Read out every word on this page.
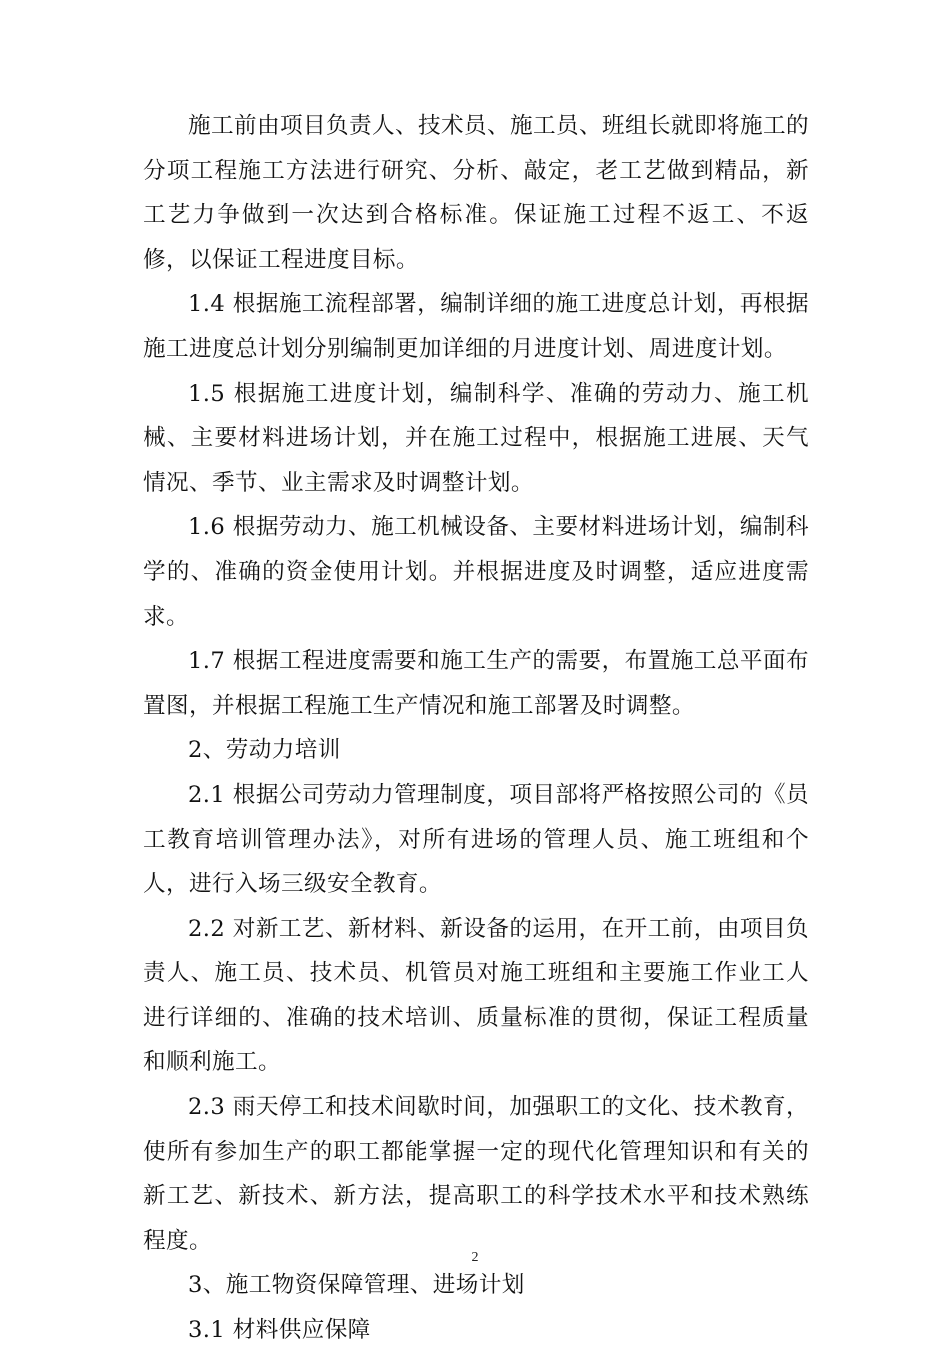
施工前由项目负责人、技术员、施工员、班组长就即将施工的分项工程施工方法进行研究、分析、敲定，老工艺做到精品，新工艺力争做到一次达到合格标准。保证施工过程不返工、不返修，以保证工程进度目标。

1.4 根据施工流程部署，编制详细的施工进度总计划，再根据施工进度总计划分别编制更加详细的月进度计划、周进度计划。

1.5 根据施工进度计划，编制科学、准确的劳动力、施工机械、主要材料进场计划，并在施工过程中，根据施工进展、天气情况、季节、业主需求及时调整计划。

1.6 根据劳动力、施工机械设备、主要材料进场计划，编制科学的、准确的资金使用计划。并根据进度及时调整，适应进度需求。

1.7 根据工程进度需要和施工生产的需要，布置施工总平面布置图，并根据工程施工生产情况和施工部署及时调整。

2、劳动力培训

2.1 根据公司劳动力管理制度，项目部将严格按照公司的《员工教育培训管理办法》，对所有进场的管理人员、施工班组和个人，进行入场三级安全教育。

2.2 对新工艺、新材料、新设备的运用，在开工前，由项目负责人、施工员、技术员、机管员对施工班组和主要施工作业工人进行详细的、准确的技术培训、质量标准的贯彻，保证工程质量和顺利施工。

2.3 雨天停工和技术间歇时间，加强职工的文化、技术教育，使所有参加生产的职工都能掌握一定的现代化管理知识和有关的新工艺、新技术、新方法，提高职工的科学技术水平和技术熟练程度。

3、施工物资保障管理、进场计划

3.1 材料供应保障

2
